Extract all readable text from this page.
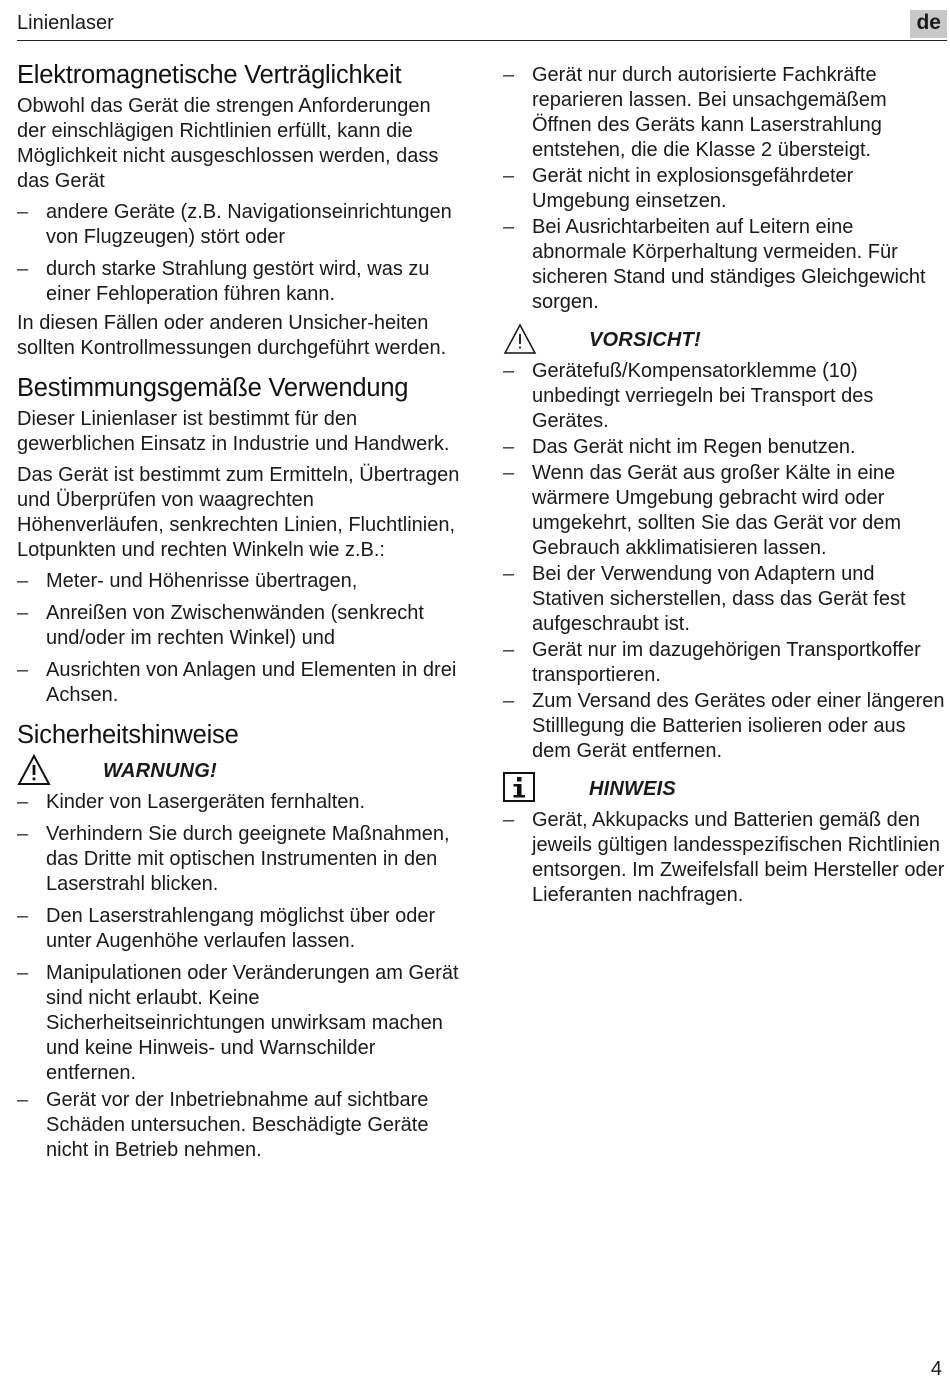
Linienlaser	de
Elektromagnetische Verträglichkeit

Obwohl das Gerät die strengen Anforderungen der einschlägigen Richtlinien erfüllt, kann die Möglichkeit nicht ausgeschlossen werden, dass das Gerät

– andere Geräte (z.B. Navigationseinrichtungen von Flugzeugen) stört oder
– durch starke Strahlung gestört wird, was zu einer Fehloperation führen kann.

In diesen Fällen oder anderen Unsicher-heiten sollten Kontrollmessungen durchgeführt werden.

Bestimmungsgemäße Verwendung

Dieser Linienlaser ist bestimmt für den gewerblichen Einsatz in Industrie und Handwerk.

Das Gerät ist bestimmt zum Ermitteln, Übertragen und Überprüfen von waagrechten Höhenverläufen, senkrechten Linien, Fluchtlinien, Lotpunkten und rechten Winkeln wie z.B.:

– Meter- und Höhenrisse übertragen,
– Anreißen von Zwischenwänden (senkrecht und/oder im rechten Winkel) und
– Ausrichten von Anlagen und Elementen in drei Achsen.
Sicherheitshinweise
WARNUNG!
– Kinder von Lasergeräten fernhalten.
– Verhindern Sie durch geeignete Maßnahmen, das Dritte mit optischen Instrumenten in den Laserstrahl blicken.
– Den Laserstrahlengang möglichst über oder unter Augenhöhe verlaufen lassen.
– Manipulationen oder Veränderungen am Gerät sind nicht erlaubt. Keine Sicherheitseinrichtungen unwirksam machen und keine Hinweis- und Warnschilder entfernen.
– Gerät vor der Inbetriebnahme auf sichtbare Schäden untersuchen. Beschädigte Geräte nicht in Betrieb nehmen.
– Gerät nur durch autorisierte Fachkräfte reparieren lassen. Bei unsachgemäßem Öffnen des Geräts kann Laserstrahlung entstehen, die die Klasse 2 übersteigt.
– Gerät nicht in explosionsgefährdeter Umgebung einsetzen.
– Bei Ausrichtarbeiten auf Leitern eine abnormale Körperhaltung vermeiden. Für sicheren Stand und ständiges Gleichgewicht sorgen.
VORSICHT!
– Gerätefuß/Kompensatorklemme (10) unbedingt verriegeln bei Transport des Gerätes.
– Das Gerät nicht im Regen benutzen.
– Wenn das Gerät aus großer Kälte in eine wärmere Umgebung gebracht wird oder umgekehrt, sollten Sie das Gerät vor dem Gebrauch akklimatisieren lassen.
– Bei der Verwendung von Adaptern und Stativen sicherstellen, dass das Gerät fest aufgeschraubt ist.
– Gerät nur im dazugehörigen Transportkoffer transportieren.
– Zum Versand des Gerätes oder einer längeren Stilllegung die Batterien isolieren oder aus dem Gerät entfernen.
HINWEIS
– Gerät, Akkupacks und Batterien gemäß den jeweils gültigen landesspezifischen Richtlinien entsorgen. Im Zweifelsfall beim Hersteller oder Lieferanten nachfragen.
4
